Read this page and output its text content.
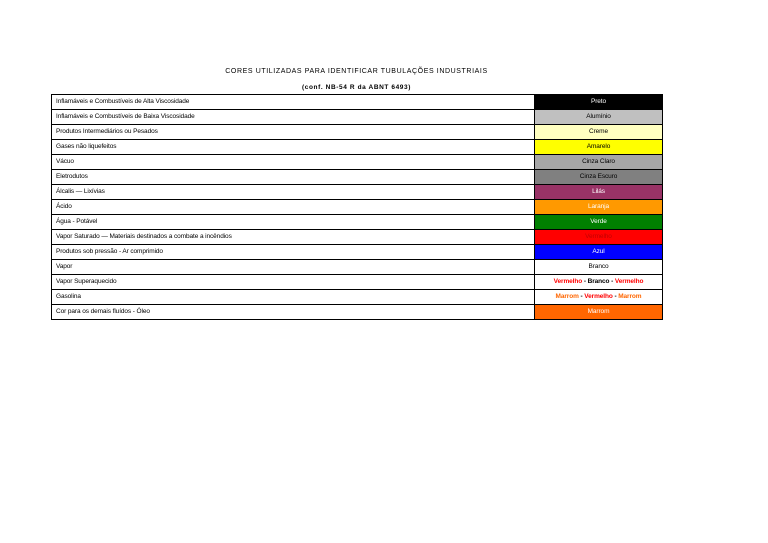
CORES UTILIZADAS PARA IDENTIFICAR TUBULAÇÕES INDUSTRIAIS
(conf. NB-54 R da ABNT 6493)
Inflamáveis e Combustíveis de Alta Viscosidade	Preto
Inflamáveis e Combustíveis de Baixa Viscosidade	Alumínio
Produtos Intermediários ou Pesados	Creme
Gases não liquefeitos	Amarelo
Vácuo	Cinza Claro
Eletrodutos	Cinza Escuro
Álcalis — Lixívias	Lilás
Ácido	Laranja
Água - Potável	Verde
Vapor Saturado — Materiais destinados a combate a incêndios	Vermelho
Produtos sob pressão - Ar comprimido	Azul
Vapor	Branco
Vapor Superaquecido	Vermelho - Branco - Vermelho
Gasolina	Marrom - Vermelho - Marrom
Cor para os demais fluídos - Óleo	Marrom
